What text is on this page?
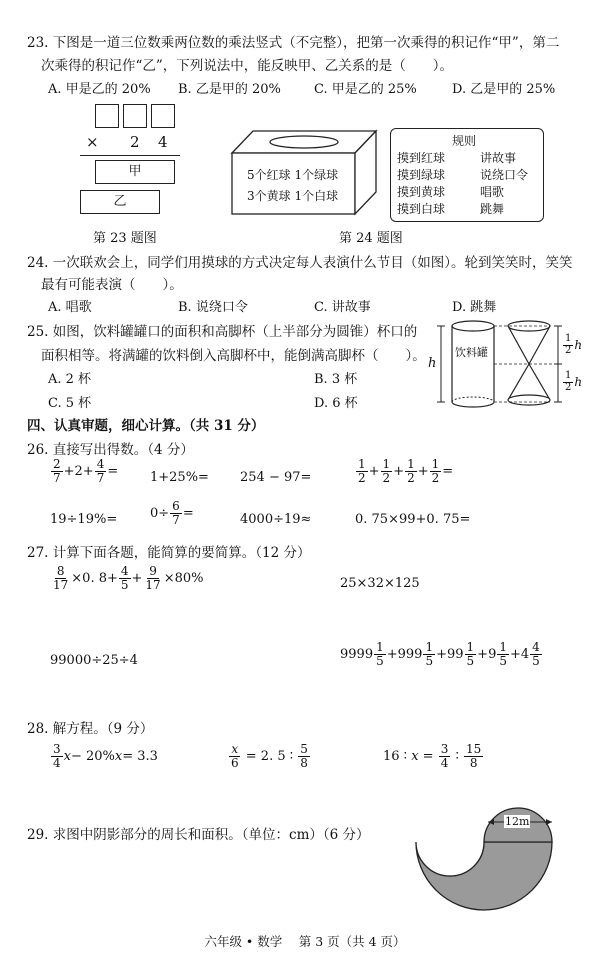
23. 下图是一道三位数乘两位数的乘法竖式（不完整），把第一次乘得的积记作“甲”，第二
次乘得的积记作“乙”，下列说法中，能反映甲、乙关系的是（　　）。
A. 甲是乙的 20% B. 乙是甲的 20%	C. 甲是乙的 25%	D. 乙是甲的 25%
× 2 4
甲
乙
第 23 题图
5个红球 1个绿球
3个黄球 1个白球
规则
摸到红球	讲故事
摸到绿球	说绕口令
摸到黄球	唱歌
摸到白球	跳舞
第 24 题图
24. 一次联欢会上，同学们用摸球的方式决定每人表演什么节目（如图）。轮到笑笑时，笑笑
最有可能表演（　　）。
A. 唱歌	B. 说绕口令	C. 讲故事	D. 跳舞
25. 如图，饮料罐罐口的面积和高脚杯（上半部分为圆锥）杯口的
面积相等。将满罐的饮料倒入高脚杯中，能倒满高脚杯（　　）。
A. 2 杯	B. 3 杯
C. 5 杯	D. 6 杯
饮料罐
h
$\frac{1}{2}$ h
$\frac{1}{2}$ h
四、认真审题，细心计算。（共 31 分）
26. 直接写出得数。（4 分）
$\frac{2}{7} +2+ \frac{4}{7} = 1+25\%= 254 - 97=$	$\frac{1}{2} + \frac{1}{2} + \frac{1}{2} + \frac{1}{2}$ =
19÷19%=	$0\div \frac{6}{7}$ =	4000÷19≈	0. 75×99+0. 75=
27. 计算下面各题，能简算的要简算。（12 分）
$\frac{8}{17} \times 0$. $8+ \frac{4}{5} + \frac{9}{17} \times 80\%$	25×32×125
99000÷25÷4	$9999 \frac{1}{5} +999 \frac{1}{5} +99 \frac{1}{5} +9 \frac{1}{5} +4 \frac{4}{5}$
28. 解方程。（9 分）
$\frac{3}{4}$ x − 20% x = 3.3	$\frac{x}{6} = 2$. 5 ∶ $\frac{5}{8}$	16 ∶ $x = \frac{3}{4}$ ∶ $\frac{15}{8}$
29. 求图中阴影部分的周长和面积。（单位：cm）（6 分）
12m
六年级 • 数学　 第 3 页（共 4 页）
